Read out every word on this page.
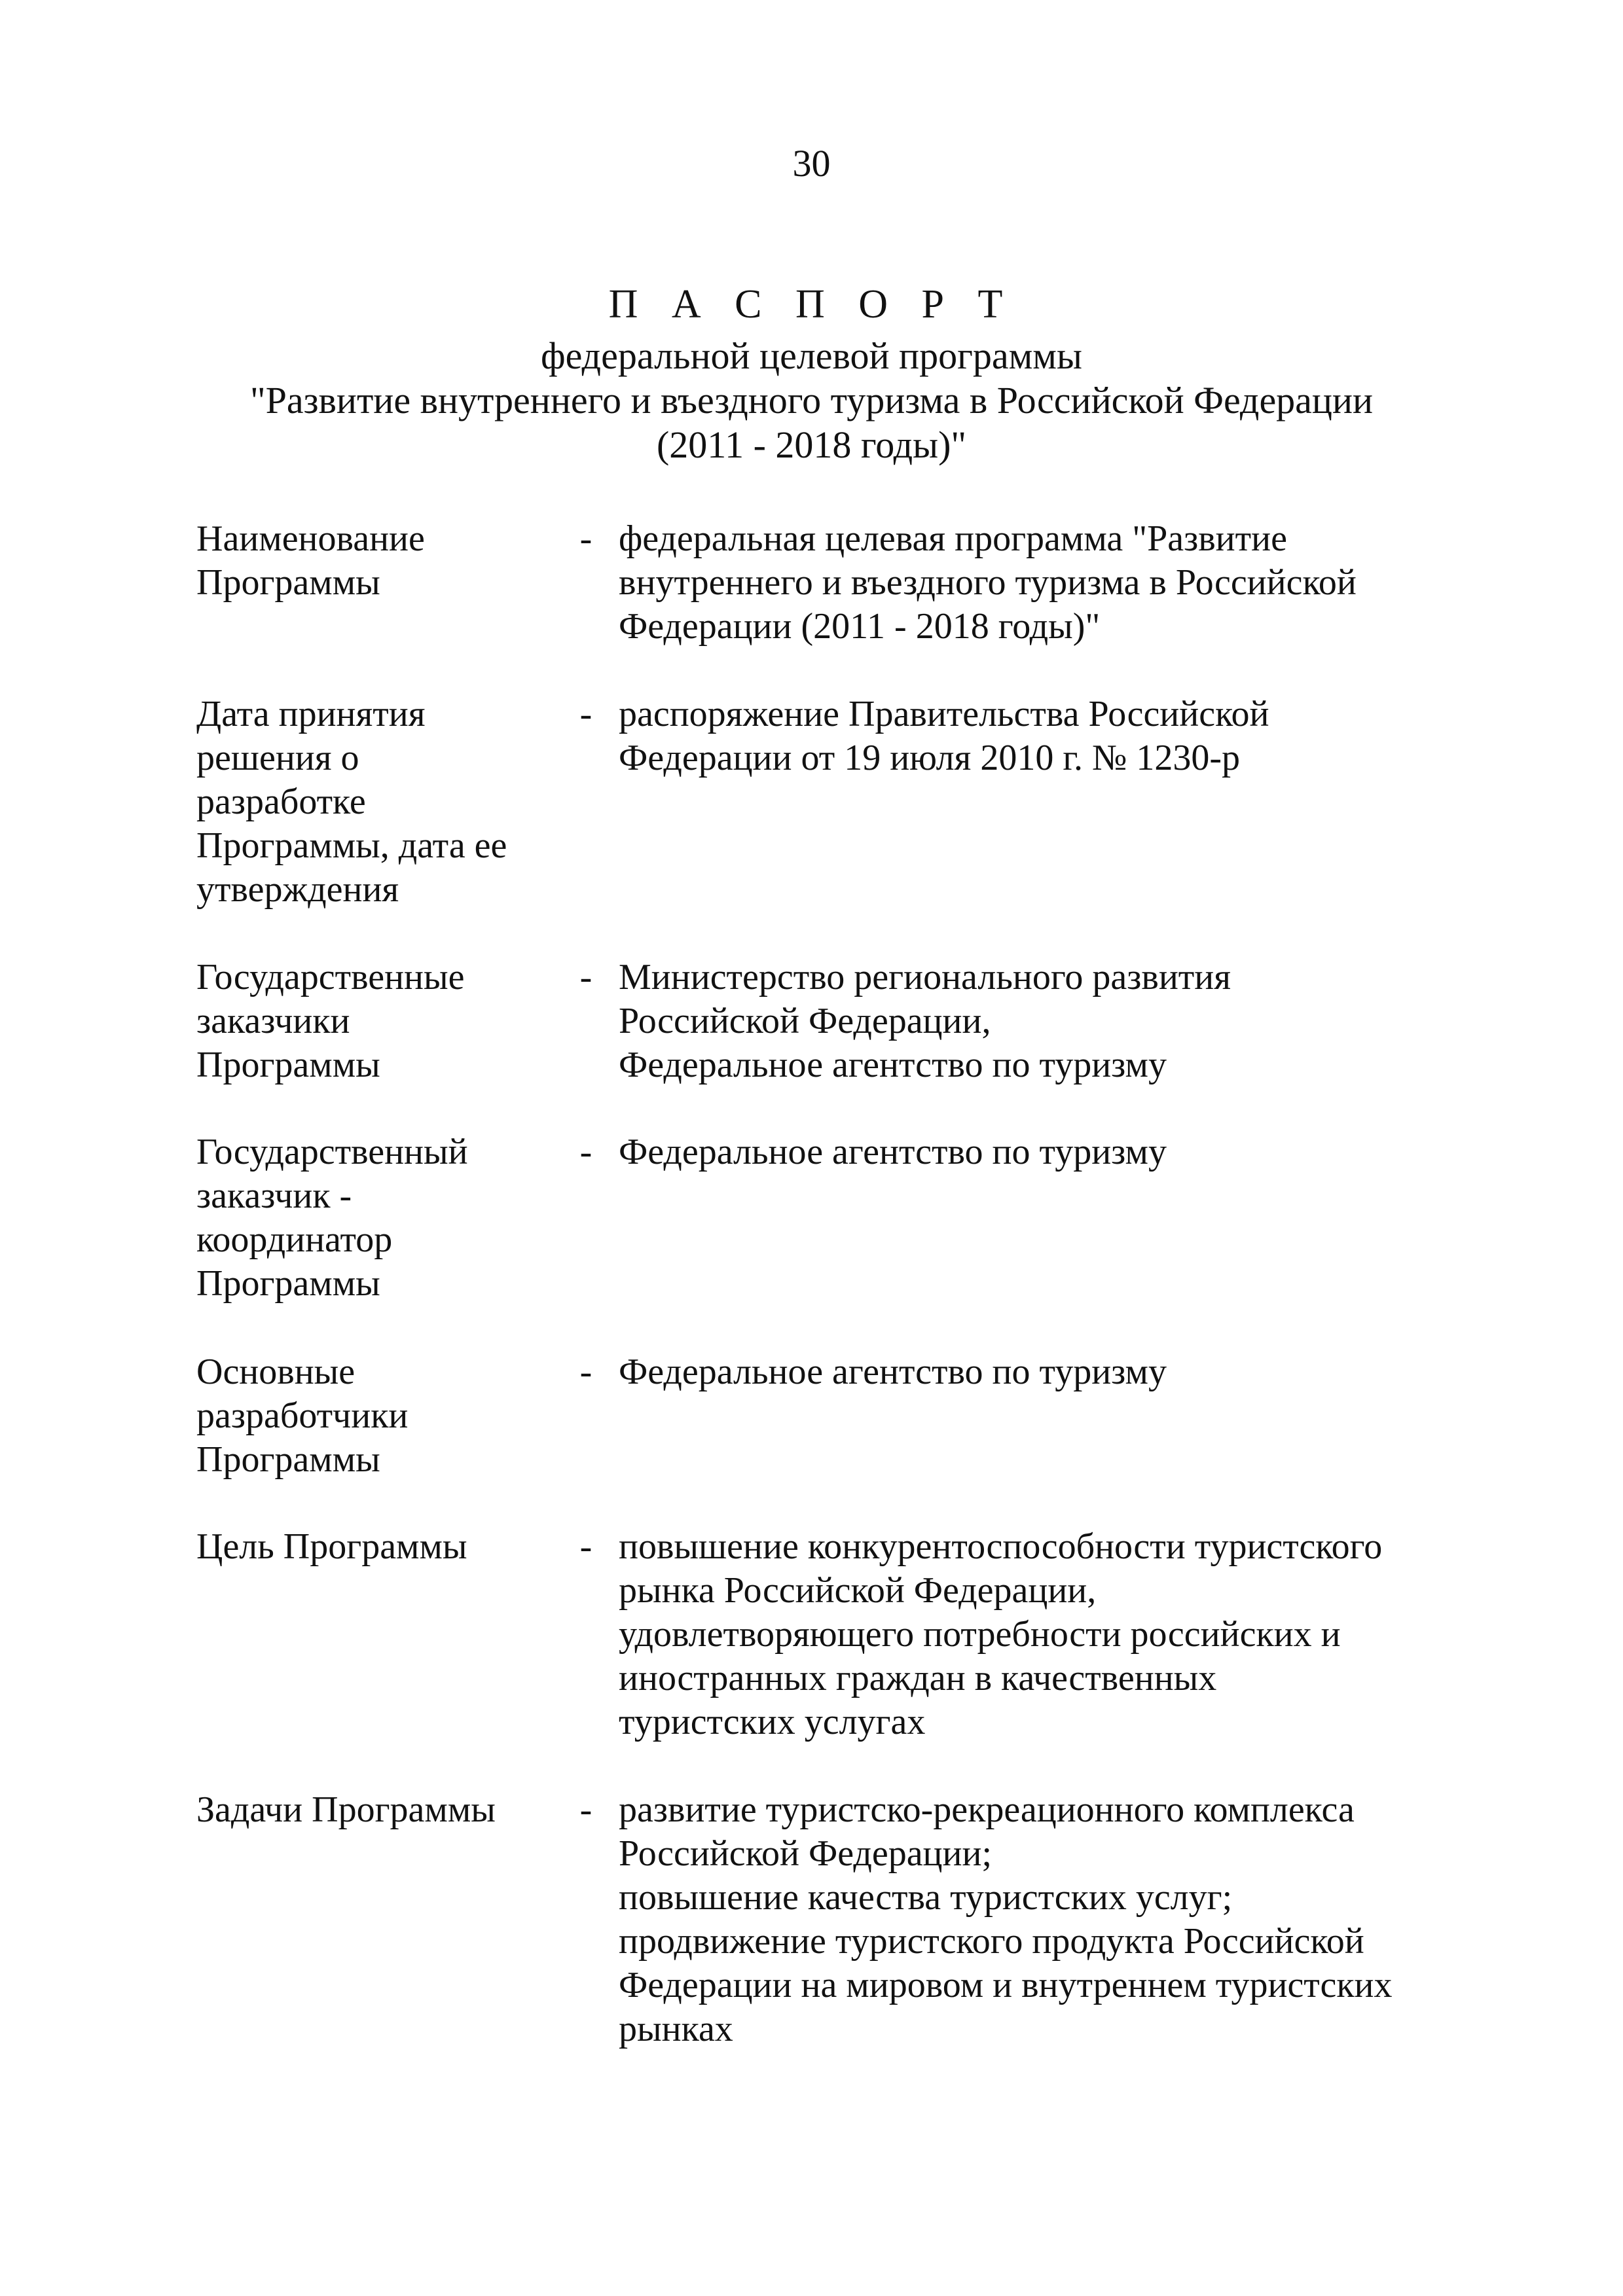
30
П А С П О Р Т
федеральной целевой программы
"Развитие внутреннего и въездного туризма в Российской Федерации
(2011 - 2018 годы)"
Наименование
Программы
- федеральная целевая программа "Развитие
внутреннего и въездного туризма в Российской
Федерации (2011 - 2018 годы)"
Дата принятия
решения о
разработке
Программы, дата ее
утверждения
- распоряжение Правительства Российской
Федерации от 19 июля 2010 г. № 1230-р
Государственные
заказчики
Программы
- Министерство регионального развития
Российской Федерации,
Федеральное агентство по туризму
Государственный
заказчик -
координатор
Программы
- Федеральное агентство по туризму
Основные
разработчики
Программы
- Федеральное агентство по туризму
Цель Программы	- повышение конкурентоспособности туристского
рынка Российской Федерации,
удовлетворяющего потребности российских и
иностранных граждан в качественных
туристских услугах
Задачи Программы	- развитие туристско-рекреационного комплекса
Российской Федерации;
повышение качества туристских услуг;
продвижение туристского продукта Российской
Федерации на мировом и внутреннем туристских
рынках
